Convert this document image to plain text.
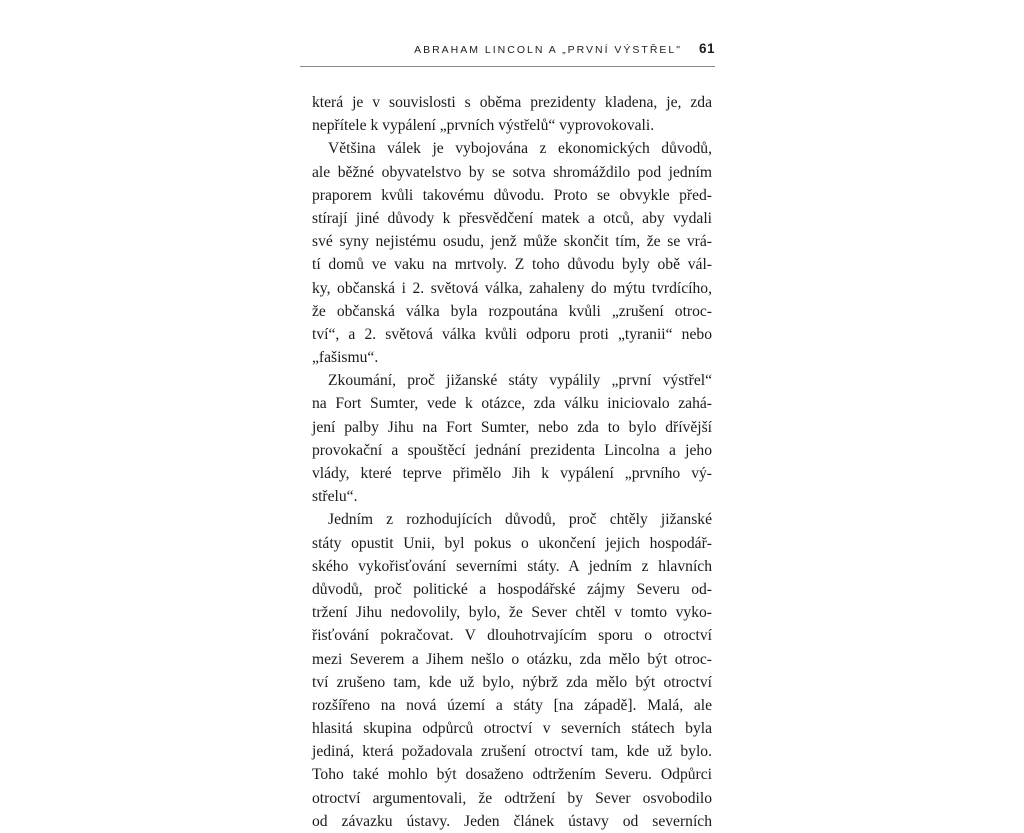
ABRAHAM LINCOLN A „PRVNÍ VÝSTŘEL" 61
která je v souvislosti s oběma prezidenty kladena, je, zda
nepřítele k vypálení „prvních výstřelů“ vyprovokovali.
Většina válek je vybojována z ekonomických důvodů,
ale běžné obyvatelstvo by se sotva shromáždilo pod jedním
praporem kvůli takovému důvodu. Proto se obvykle před-
stírají jiné důvody k přesvědčení matek a otců, aby vydali
své syny nejistému osudu, jenž může skončit tím, že se vrá-
tí domů ve vaku na mrtvoly. Z toho důvodu byly obě vál-
ky, občanská i 2. světová válka, zahaleny do mýtu tvrdícího,
že občanská válka byla rozpoutána kvůli „zrušení otroc-
tví“, a 2. světová válka kvůli odporu proti „tyranii“ nebo
„fašismu“.
Zkoumání, proč jižanské státy vypálily „první výstřel“
na Fort Sumter, vede k otázce, zda válku iniciovalo zahá-
jení palby Jihu na Fort Sumter, nebo zda to bylo dřívější
provokační a spouštěcí jednání prezidenta Lincolna a jeho
vlády, které teprve přimělo Jih k vypálení „prvního vý-
střelu“.
Jedním z rozhodujících důvodů, proč chtěly jižanské
státy opustit Unii, byl pokus o ukončení jejich hospodář-
ského vykořisťování severními státy. A jedním z hlavních
důvodů, proč politické a hospodářské zájmy Severu od-
tržení Jihu nedovolily, bylo, že Sever chtěl v tomto vyko-
řisťování pokračovat. V dlouhotrvajícím sporu o otroctví
mezi Severem a Jihem nešlo o otázku, zda mělo být otroc-
tví zrušeno tam, kde už bylo, nýbrž zda mělo být otroctví
rozšířeno na nová území a státy [na západě]. Malá, ale
hlasitá skupina odpůrců otroctví v severních státech byla
jediná, která požadovala zrušení otroctví tam, kde už bylo.
Toho také mohlo být dosaženo odtržením Severu. Odpůrci
otroctví argumentovali, že odtržení by Sever osvobodilo
od závazku ústavy. Jeden článek ústavy od severních
